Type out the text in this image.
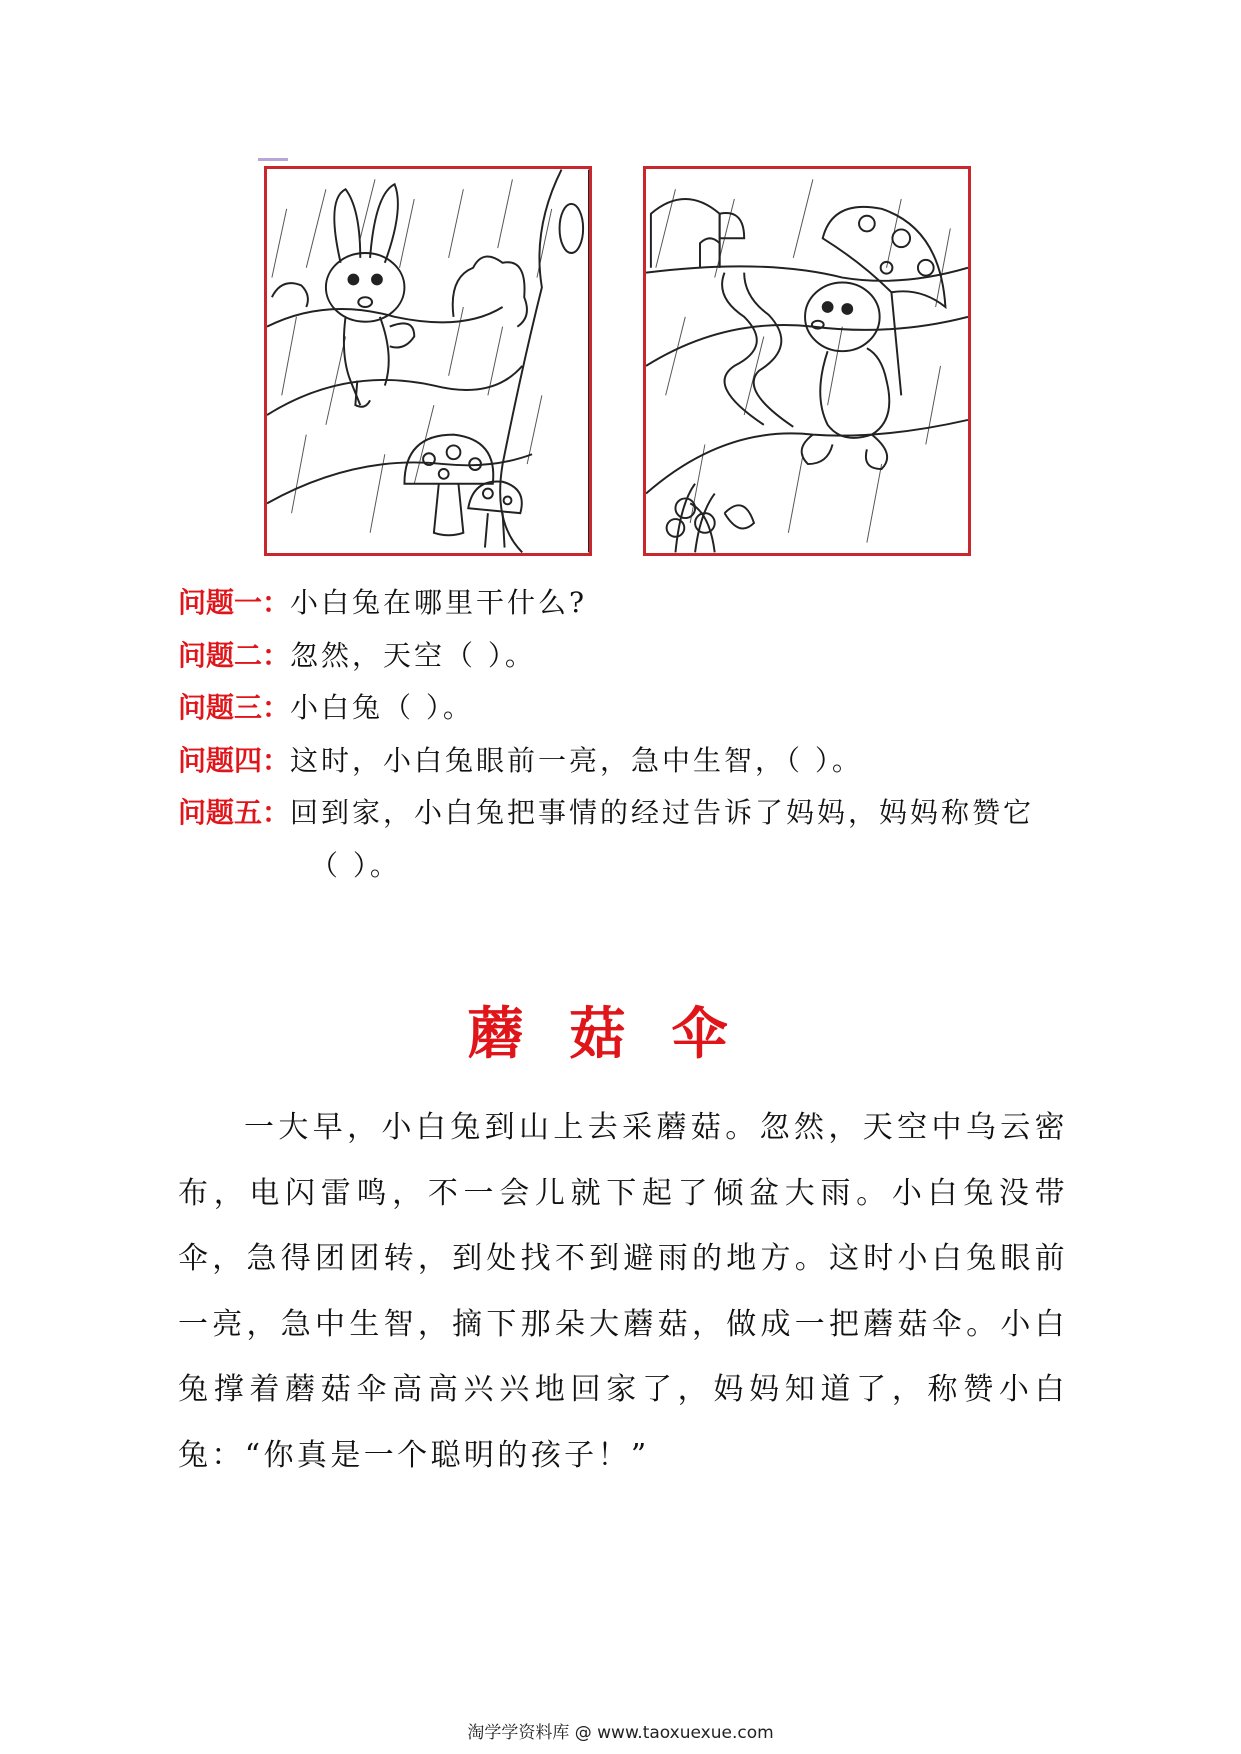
问题一：小白兔在哪里干什么?
问题二：忽然，天空（ ）。
问题三：小白兔（ ）。
问题四：这时，小白兔眼前一亮，急中生智，（ ）。
问题五：回到家，小白兔把事情的经过告诉了妈妈，妈妈称赞它
（ ）。
蘑菇伞
一大早，小白兔到山上去采蘑菇。忽然，天空中乌云密布，电闪雷鸣，不一会儿就下起了倾盆大雨。小白兔没带伞，急得团团转，到处找不到避雨的地方。这时小白兔眼前一亮，急中生智，摘下那朵大蘑菇，做成一把蘑菇伞。小白兔撑着蘑菇伞高高兴兴地回家了，妈妈知道了，称赞小白兔：“你真是一个聪明的孩子！”
淘学学资料库 @ www.taoxuexue.com
